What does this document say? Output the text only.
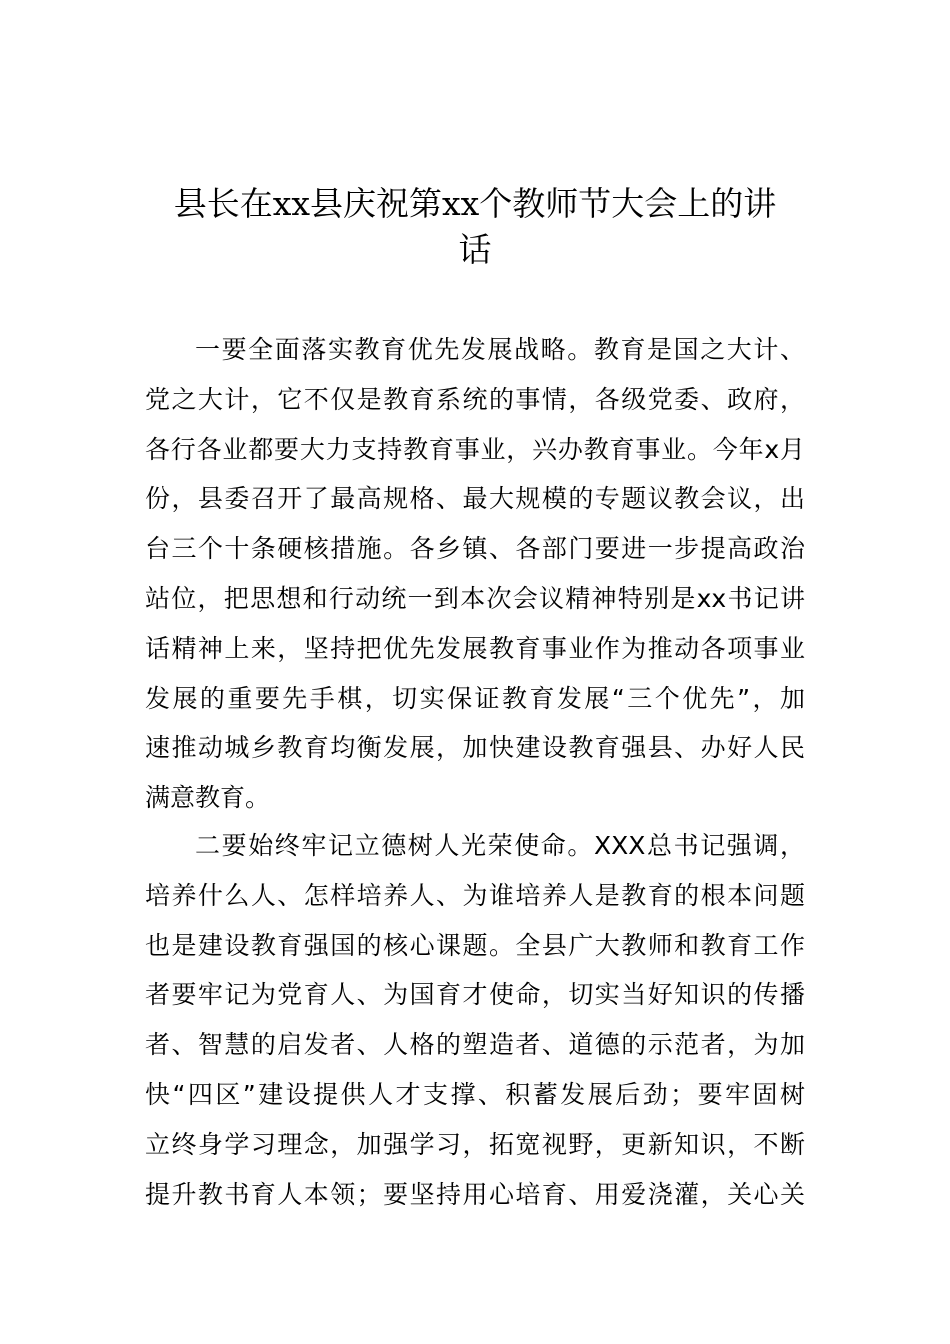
县长在xx县庆祝第xx个教师节大会上的讲
话
一要全面落实教育优先发展战略。教育是国之大计、
党之大计，它不仅是教育系统的事情，各级党委、政府，
各行各业都要大力支持教育事业，兴办教育事业。今年x月
份，县委召开了最高规格、最大规模的专题议教会议，出
台三个十条硬核措施。各乡镇、各部门要进一步提高政治
站位，把思想和行动统一到本次会议精神特别是xx书记讲
话精神上来，坚持把优先发展教育事业作为推动各项事业
发展的重要先手棋，切实保证教育发展“三个优先”，加
速推动城乡教育均衡发展，加快建设教育强县、办好人民
满意教育。
二要始终牢记立德树人光荣使命。XXX总书记强调，
培养什么人、怎样培养人、为谁培养人是教育的根本问题
也是建设教育强国的核心课题。全县广大教师和教育工作
者要牢记为党育人、为国育才使命，切实当好知识的传播
者、智慧的启发者、人格的塑造者、道德的示范者，为加
快“四区”建设提供人才支撑、积蓄发展后劲；要牢固树
立终身学习理念，加强学习，拓宽视野，更新知识，不断
提升教书育人本领；要坚持用心培育、用爱浇灌，关心关
